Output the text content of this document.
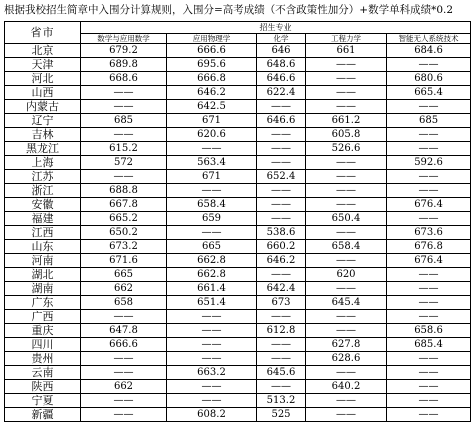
根据我校招生简章中入围分计算规则，入围分=高考成绩（不含政策性加分）+数学单科成绩*0.2
省市	招生专业				
	数学与应用数学	应用物理学	化学	工程力学	智能无人系统技术
北京	679.2	666.6	646	661	684.6
天津	689.8	695.6	648.6	——	——
河北	668.6	666.8	646.6	——	680.6
山西	——	646.2	622.4	——	665.4
内蒙古	——	642.5	——	——	——
辽宁	685	671	646.6	661.2	685
吉林	——	620.6	——	605.8	——
黑龙江	615.2	——	——	526.6	——
上海	572	563.4	——	——	592.6
江苏	——	671	652.4	——	——
浙江	688.8	——	——	——	——
安徽	667.8	658.4	——	——	676.4
福建	665.2	659	——	650.4	——
江西	650.2	——	538.6	——	673.6
山东	673.2	665	660.2	658.4	676.8
河南	671.6	662.8	646.2	——	676.4
湖北	665	662.8	——	620	——
湖南	662	661.4	642.4	——	——
广东	658	651.4	673	645.4	——
广西	——	——	——	——	——
重庆	647.8	——	612.8	——	658.6
四川	666.6	——	——	627.8	685.4
贵州	——	——	——	628.6	——
云南	——	663.2	645.6	——	——
陕西	662	——	——	640.2	——
宁夏	——	——	513.2	——	——
新疆	——	608.2	525	——	——
